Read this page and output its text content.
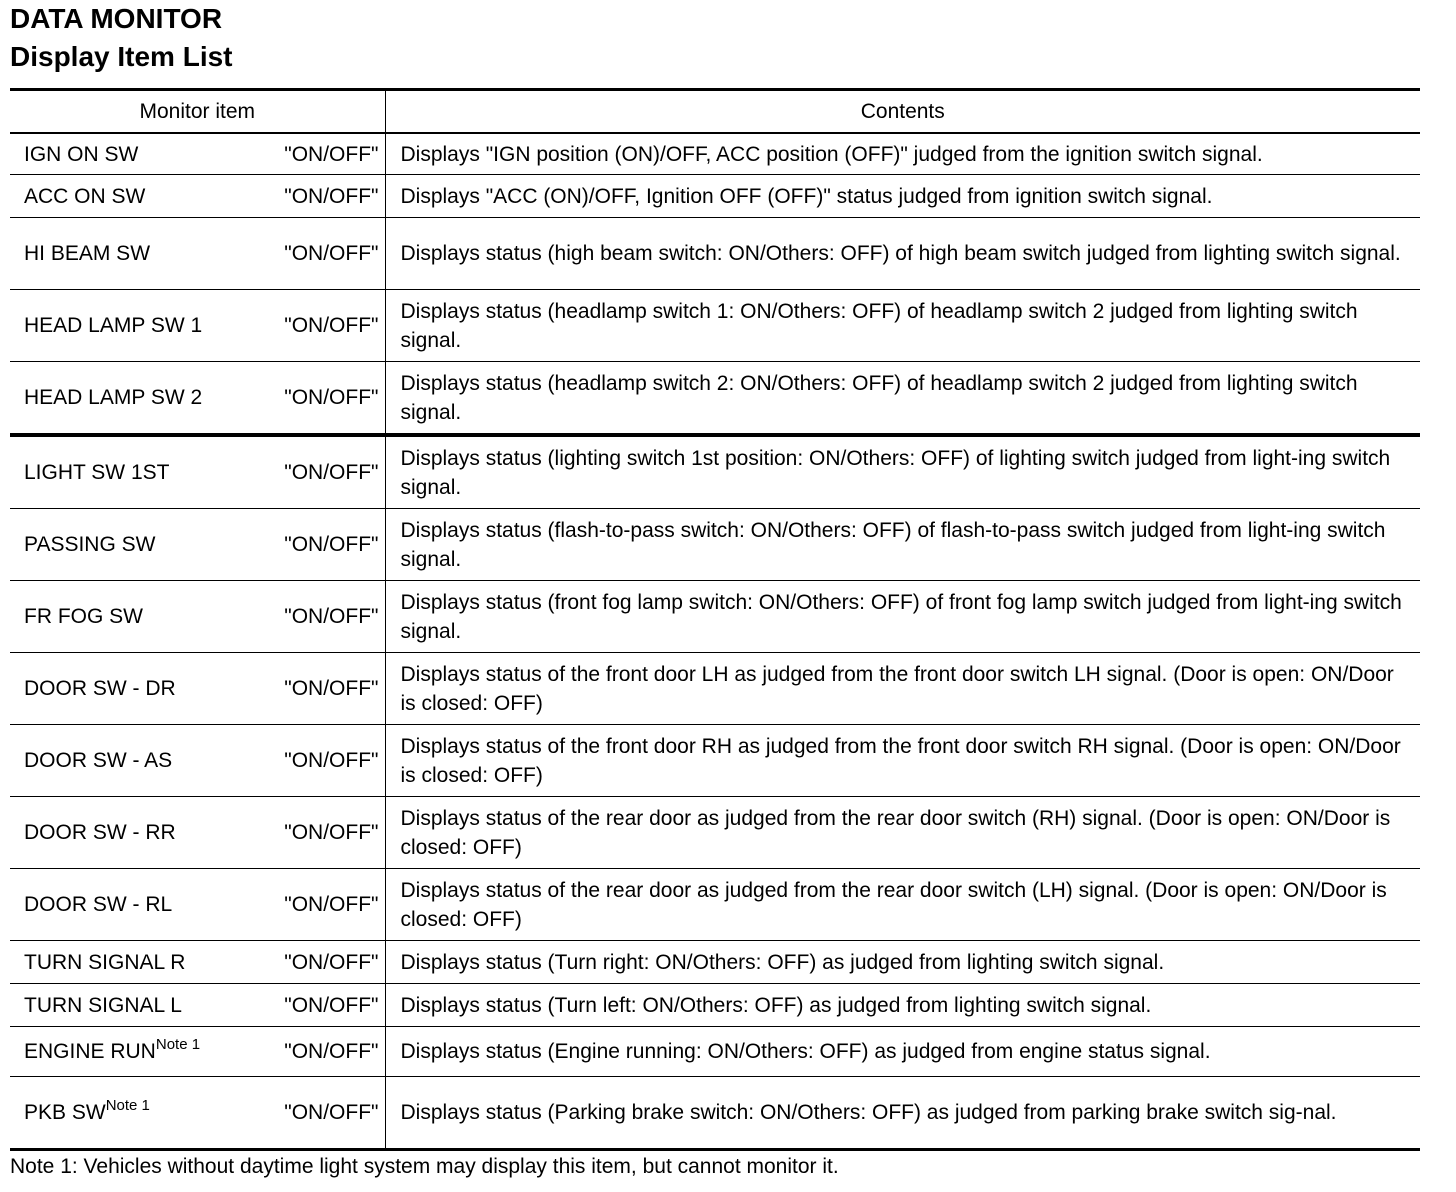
DATA MONITOR
Display Item List
Monitor item		Contents
IGN ON SW	"ON/OFF"	Displays "IGN position (ON)/OFF, ACC position (OFF)" judged from the ignition switch signal.
ACC ON SW	"ON/OFF"	Displays "ACC (ON)/OFF, Ignition OFF (OFF)" status judged from ignition switch signal.
HI BEAM SW	"ON/OFF"	Displays status (high beam switch: ON/Others: OFF) of high beam switch judged from lighting switch signal.
HEAD LAMP SW 1	"ON/OFF"	Displays status (headlamp switch 1: ON/Others: OFF) of headlamp switch 2 judged from lighting switch signal.
HEAD LAMP SW 2	"ON/OFF"	Displays status (headlamp switch 2: ON/Others: OFF) of headlamp switch 2 judged from lighting switch signal.
LIGHT SW 1ST	"ON/OFF"	Displays status (lighting switch 1st position: ON/Others: OFF) of lighting switch judged from light-ing switch signal.
PASSING SW	"ON/OFF"	Displays status (flash-to-pass switch: ON/Others: OFF) of flash-to-pass switch judged from light-ing switch signal.
FR FOG SW	"ON/OFF"	Displays status (front fog lamp switch: ON/Others: OFF) of front fog lamp switch judged from light-ing switch signal.
DOOR SW - DR	"ON/OFF"	Displays status of the front door LH as judged from the front door switch LH signal. (Door is open: ON/Door is closed: OFF)
DOOR SW - AS	"ON/OFF"	Displays status of the front door RH as judged from the front door switch RH signal. (Door is open: ON/Door is closed: OFF)
DOOR SW - RR	"ON/OFF"	Displays status of the rear door as judged from the rear door switch (RH) signal. (Door is open: ON/Door is closed: OFF)
DOOR SW - RL	"ON/OFF"	Displays status of the rear door as judged from the rear door switch (LH) signal. (Door is open: ON/Door is closed: OFF)
TURN SIGNAL R	"ON/OFF"	Displays status (Turn right: ON/Others: OFF) as judged from lighting switch signal.
TURN SIGNAL L	"ON/OFF"	Displays status (Turn left: ON/Others: OFF) as judged from lighting switch signal.
ENGINE RUN$^{Note 1}$	"ON/OFF"	Displays status (Engine running: ON/Others: OFF) as judged from engine status signal.
PKB SW$^{Note 1}$	"ON/OFF"	Displays status (Parking brake switch: ON/Others: OFF) as judged from parking brake switch sig-nal.
Note 1: Vehicles without daytime light system may display this item, but cannot monitor it.
